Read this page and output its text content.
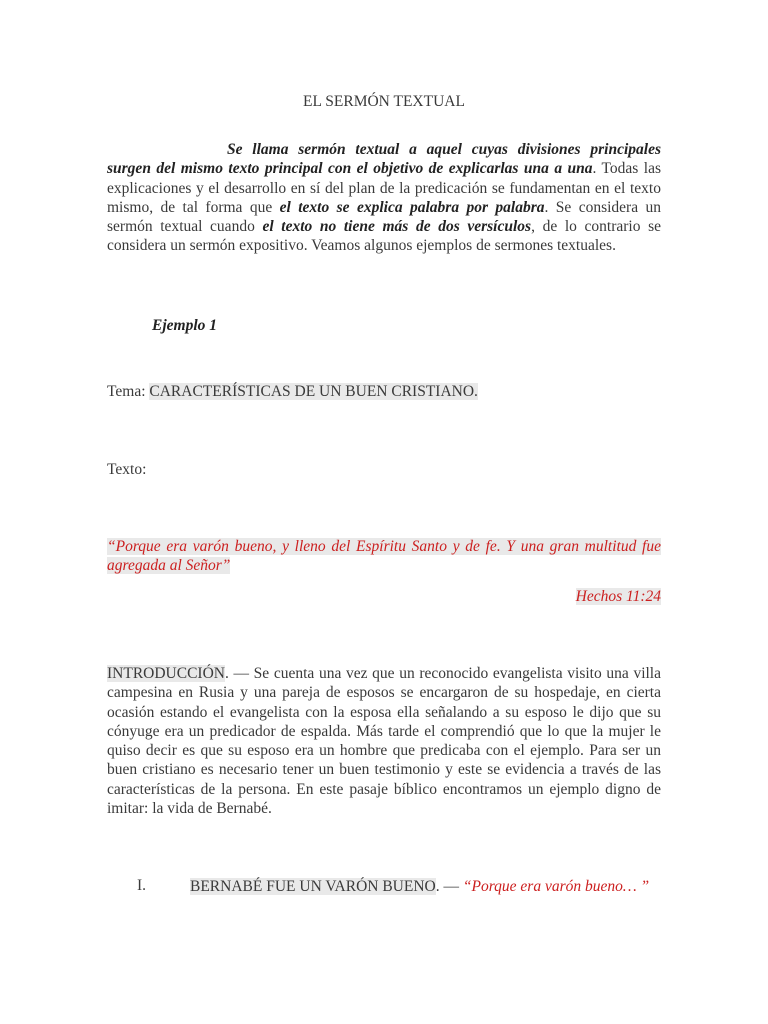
EL SERMÓN TEXTUAL

Se llama sermón textual a aquel cuyas divisiones principales surgen del mismo texto principal con el objetivo de explicarlas una a una. Todas las explicaciones y el desarrollo en sí del plan de la predicación se fundamentan en el texto mismo, de tal forma que el texto se explica palabra por palabra. Se considera un sermón textual cuando el texto no tiene más de dos versículos, de lo contrario se considera un sermón expositivo. Veamos algunos ejemplos de sermones textuales.

Ejemplo 1
Tema: CARACTERÍSTICAS DE UN BUEN CRISTIANO.
Texto:

“Porque era varón bueno, y lleno del Espíritu Santo y de fe. Y una gran multitud fue agregada al Señor”

Hechos 11:24

INTRODUCCIÓN. — Se cuenta una vez que un reconocido evangelista visito una villa campesina en Rusia y una pareja de esposos se encargaron de su hospedaje, en cierta ocasión estando el evangelista con la esposa ella señalando a su esposo le dijo que su cónyuge era un predicador de espalda. Más tarde el comprendió que lo que la mujer le quiso decir es que su esposo era un hombre que predicaba con el ejemplo. Para ser un buen cristiano es necesario tener un buen testimonio y este se evidencia a través de las características de la persona. En este pasaje bíblico encontramos un ejemplo digno de imitar: la vida de Bernabé.

I.	BERNABÉ FUE UN VARÓN BUENO. — “Porque era varón bueno… ”
